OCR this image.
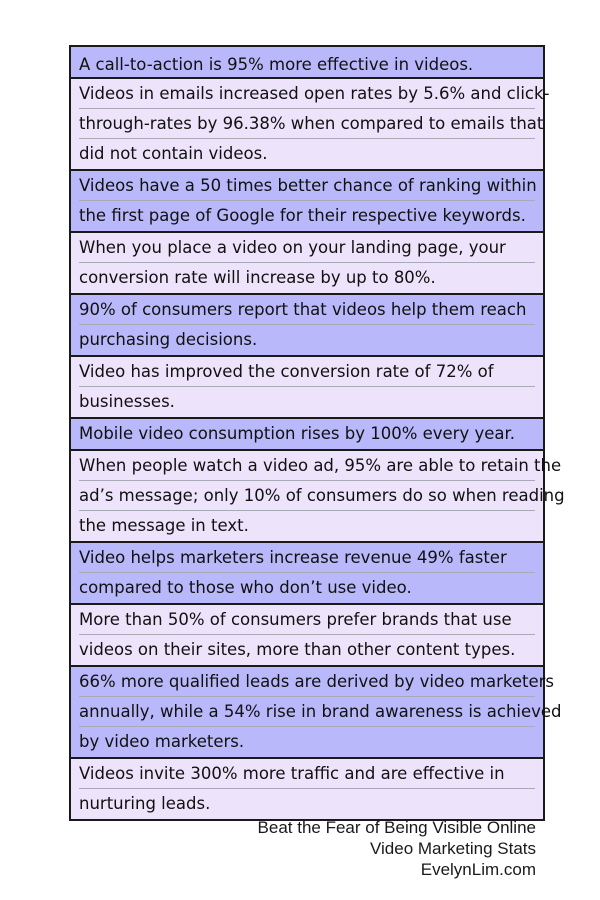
A call-to-action is 95% more effective in videos.
Videos in emails increased open rates by 5.6% and click-
through-rates by 96.38% when compared to emails that
did not contain videos.
Videos have a 50 times better chance of ranking within
the first page of Google for their respective keywords.
When you place a video on your landing page, your
conversion rate will increase by up to 80%.
90% of consumers report that videos help them reach
purchasing decisions.
Video has improved the conversion rate of 72% of
businesses.
Mobile video consumption rises by 100% every year.
When people watch a video ad, 95% are able to retain the
ad’s message; only 10% of consumers do so when reading
the message in text.
Video helps marketers increase revenue 49% faster
compared to those who don’t use video.
More than 50% of consumers prefer brands that use
videos on their sites, more than other content types.
66% more qualified leads are derived by video marketers
annually, while a 54% rise in brand awareness is achieved
by video marketers.
Videos invite 300% more traffic and are effective in
nurturing leads.
Beat the Fear of Being Visible Online
Video Marketing Stats
EvelynLim.com
